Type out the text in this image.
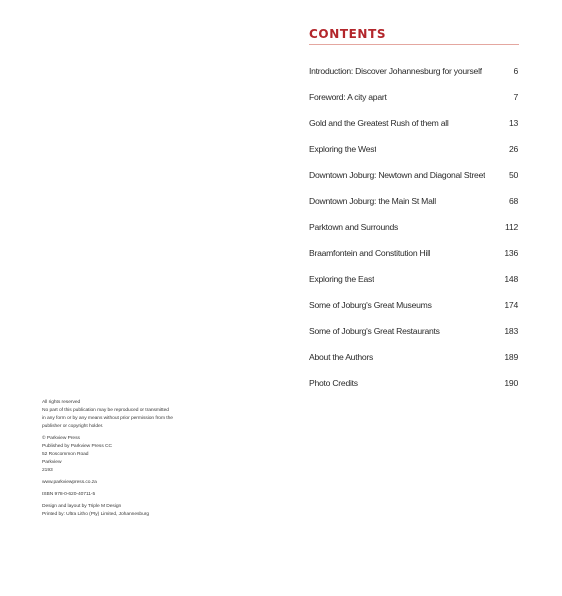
CONTENTS
Introduction: Discover Johannesburg for yourself	6
Foreword: A city apart	7
Gold and the Greatest Rush of them all	13
Exploring the West	26
Downtown Joburg: Newtown and Diagonal Street	50
Downtown Joburg: the Main St Mall	68
Parktown and Surrounds	112
Braamfontein and Constitution Hill	136
Exploring the East	148
Some of Joburg's Great Museums	174
Some of Joburg's Great Restaurants	183
About the Authors	189
Photo Credits	190
All rights reserved
No part of this publication may be reproduced or transmitted
in any form or by any means without prior permission from the
publisher or copyright holder.
© Parkview Press
Published by Parkview Press CC
52 Roscommon Road
Parkview
2193
www.parkviewpress.co.za
ISBN 978-0-620-40711-5
Design and layout by Triple M Design
Printed by: Ultra Litho (Pty) Limited, Johannesburg
